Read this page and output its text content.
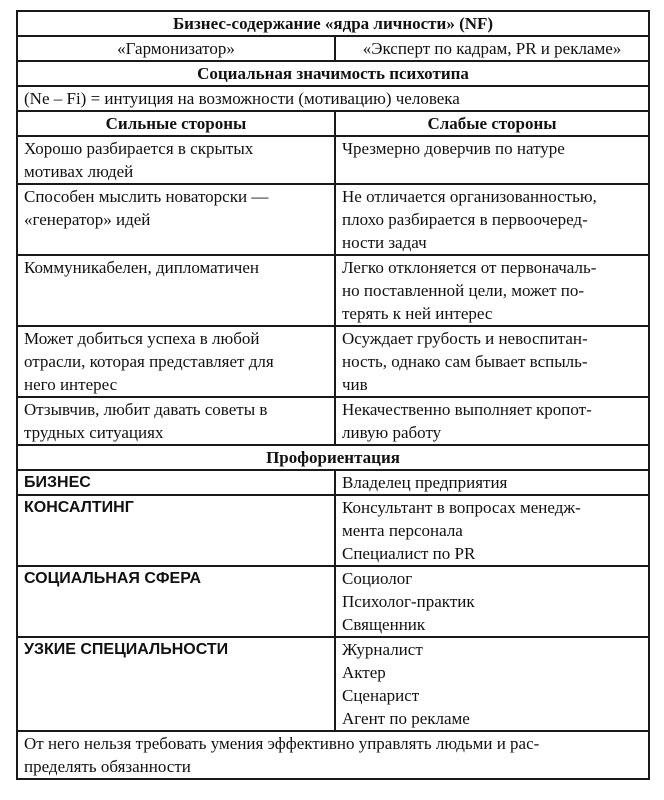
Бизнес-содержание «ядра личности» (NF)	
«Гармонизатор»	«Эксперт по кадрам, PR и рекламе»
Социальная значимость психотипа	
(Ne – Fi) = интуиция на возможности (мотивацию) человека	
Сильные стороны	Слабые стороны

Хорошо разбирается в скрытых
мотивах людей	Чрезмерно доверчив по натуре

Способен мыслить новаторски —
«генератор» идей	Не отличается организованностью,
плохо разбирается в первоочеред-
ности задач

Коммуникабелен, дипломатичен	Легко отклоняется от первоначаль-
но поставленной цели, может по-
терять к ней интерес

Может добиться успеха в любой
отрасли, которая представляет для
него интерес	Осуждает грубость и невоспитан-
ность, однако сам бывает вспыль-
чив

Отзывчив, любит давать советы в
трудных ситуациях	Некачественно выполняет кропот-
ливую работу

Профориентация	
БИЗНЕС	Владелец предприятия

КОНСАЛТИНГ	Консультант в вопросах менедж-
мента персонала
Специалист по PR

СОЦИАЛЬНАЯ СФЕРА	Социолог
Психолог-практик
Священник

УЗКИЕ СПЕЦИАЛЬНОСТИ	Журналист
Актер
Сценарист
Агент по рекламе

От него нельзя требовать умения эффективно управлять людьми и рас-
пределять обязанности	
